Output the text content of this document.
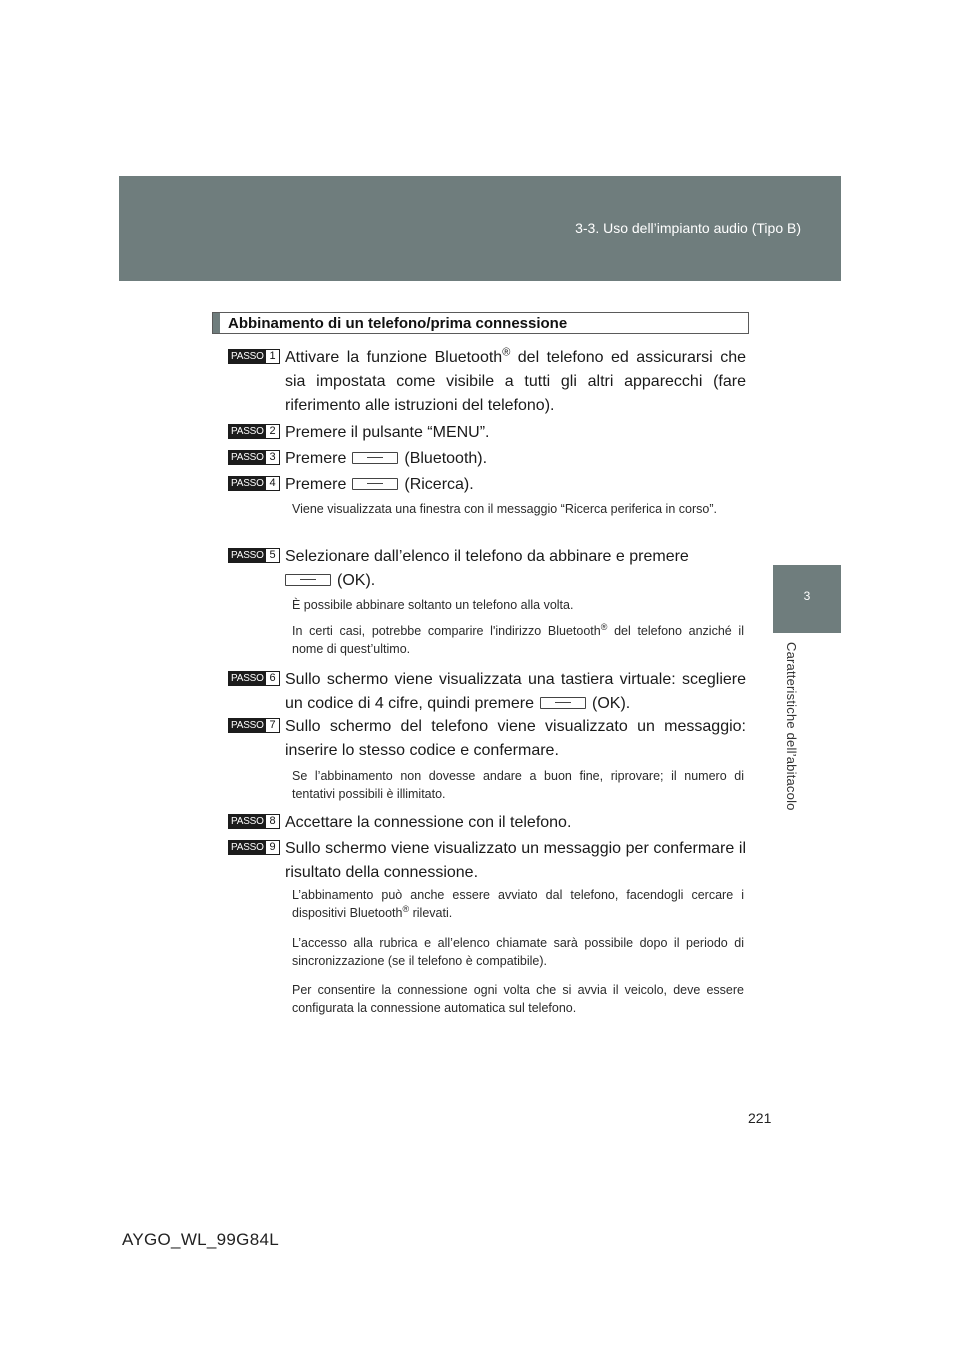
3-3. Uso dell’impianto audio (Tipo B)
3
Caratteristiche dell’abitacolo
Abbinamento di un telefono/prima connessione
PASSO 1 Attivare la funzione Bluetooth® del telefono ed assicurarsi che sia impostata come visibile a tutti gli altri apparecchi (fare riferimento alle istruzioni del telefono).
PASSO 2 Premere il pulsante “MENU”.
PASSO 3 Premere	(Bluetooth).
PASSO 4 Premere	(Ricerca).
Viene visualizzata una finestra con il messaggio “Ricerca periferica in corso”.
PASSO 5 Selezionare dall’elenco il telefono da abbinare e premere
(OK).
È possibile abbinare soltanto un telefono alla volta.
In certi casi, potrebbe comparire l'indirizzo Bluetooth® del telefono anziché il nome di quest’ultimo.
PASSO 6 Sullo schermo viene visualizzata una tastiera virtuale: scegliere un codice di 4 cifre, quindi premere	(OK).
PASSO 7 Sullo schermo del telefono viene visualizzato un messaggio: inserire lo stesso codice e confermare.
Se l’abbinamento non dovesse andare a buon fine, riprovare; il numero di tentativi possibili è illimitato.
PASSO 8 Accettare la connessione con il telefono.
PASSO 9 Sullo schermo viene visualizzato un messaggio per confermare il risultato della connessione.
L’abbinamento può anche essere avviato dal telefono, facendogli cercare i dispositivi Bluetooth® rilevati.
L’accesso alla rubrica e all’elenco chiamate sarà possibile dopo il periodo di sincronizzazione (se il telefono è compatibile).
Per consentire la connessione ogni volta che si avvia il veicolo, deve essere configurata la connessione automatica sul telefono.
221
AYGO_WL_99G84L
